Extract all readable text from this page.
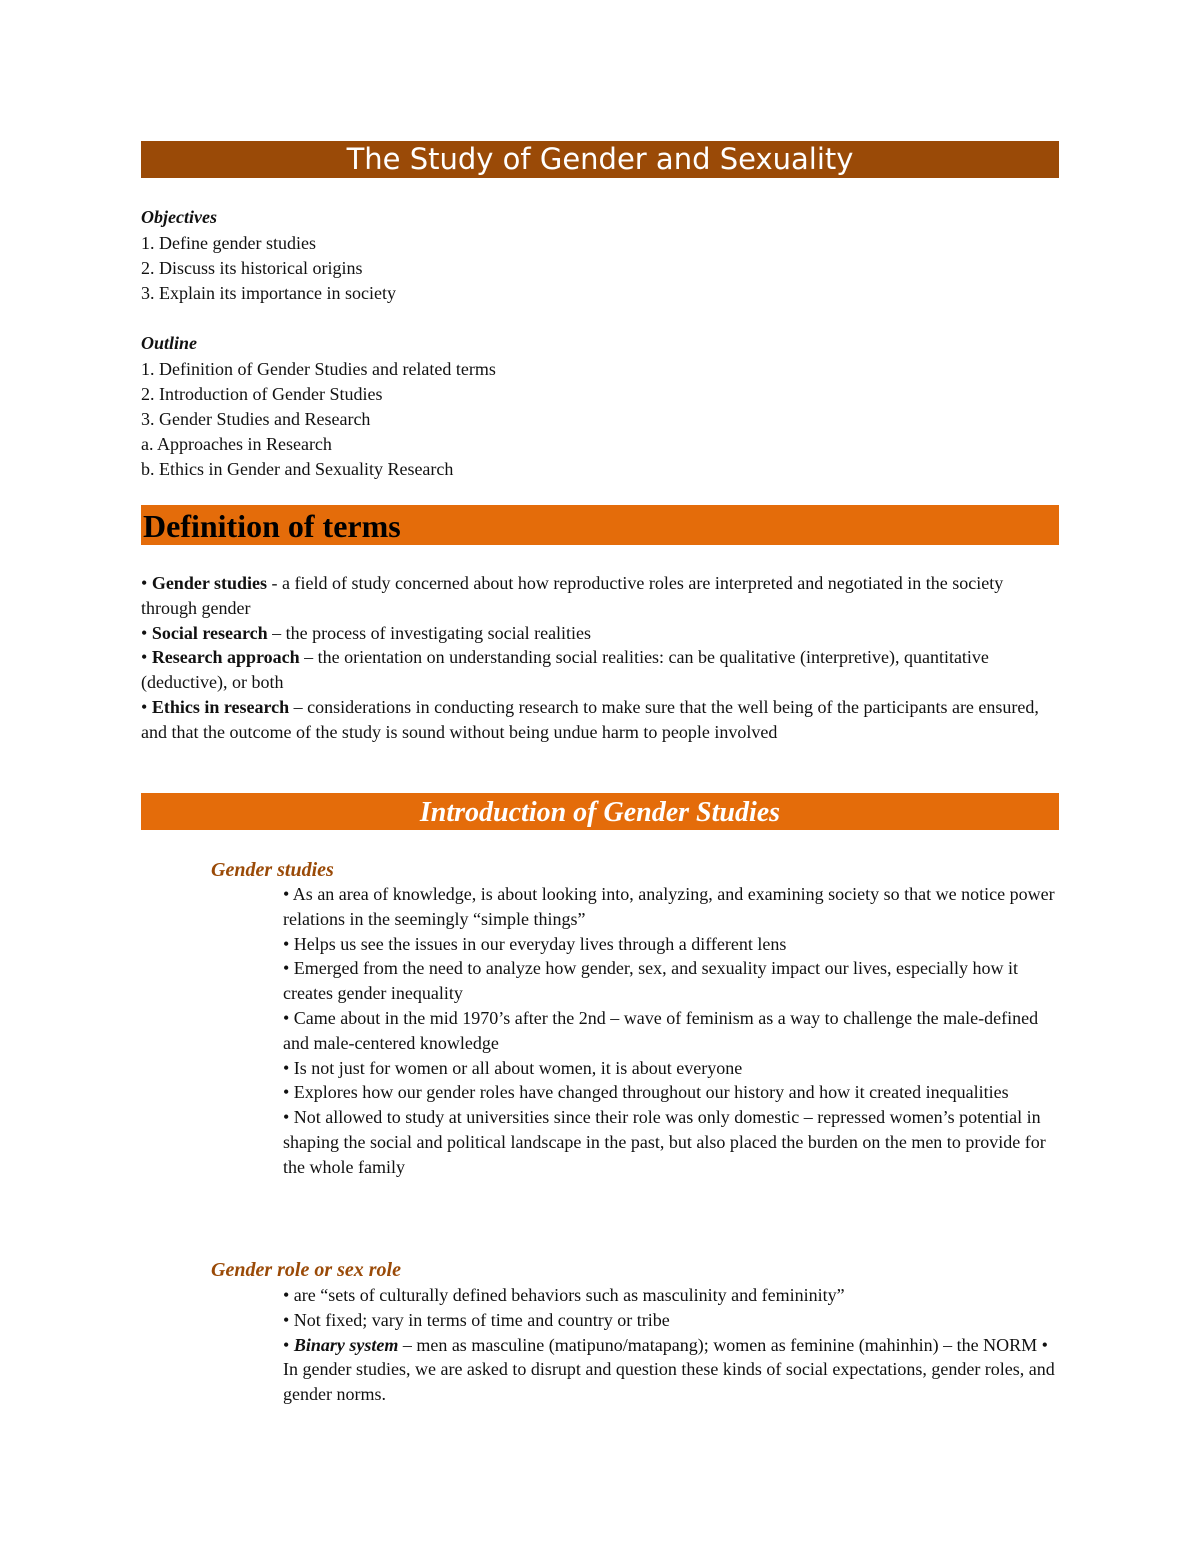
The Study of Gender and Sexuality
Objectives
1. Define gender studies
2. Discuss its historical origins
3. Explain its importance in society
Outline
1. Definition of Gender Studies and related terms
2. Introduction of Gender Studies
3. Gender Studies and Research
a. Approaches in Research
b. Ethics in Gender and Sexuality Research
Definition of terms

• Gender studies - a field of study concerned about how reproductive roles are interpreted and negotiated in the society through gender

• Social research – the process of investigating social realities

• Research approach – the orientation on understanding social realities: can be qualitative (interpretive), quantitative (deductive), or both

• Ethics in research – considerations in conducting research to make sure that the well being of the participants are ensured, and that the outcome of the study is sound without being undue harm to people involved

Introduction of Gender Studies
Gender studies

• As an area of knowledge, is about looking into, analyzing, and examining society so that we notice power relations in the seemingly “simple things”

• Helps us see the issues in our everyday lives through a different lens

• Emerged from the need to analyze how gender, sex, and sexuality impact our lives, especially how it creates gender inequality

• Came about in the mid 1970’s after the 2nd – wave of feminism as a way to challenge the male-defined and male-centered knowledge

• Is not just for women or all about women, it is about everyone

• Explores how our gender roles have changed throughout our history and how it created inequalities

• Not allowed to study at universities since their role was only domestic – repressed women’s potential in shaping the social and political landscape in the past, but also placed the burden on the men to provide for the whole family

Gender role or sex role

• are “sets of culturally defined behaviors such as masculinity and femininity”

• Not fixed; vary in terms of time and country or tribe

• Binary system – men as masculine (matipuno/matapang); women as feminine (mahinhin) – the NORM • In gender studies, we are asked to disrupt and question these kinds of social expectations, gender roles, and gender norms.
